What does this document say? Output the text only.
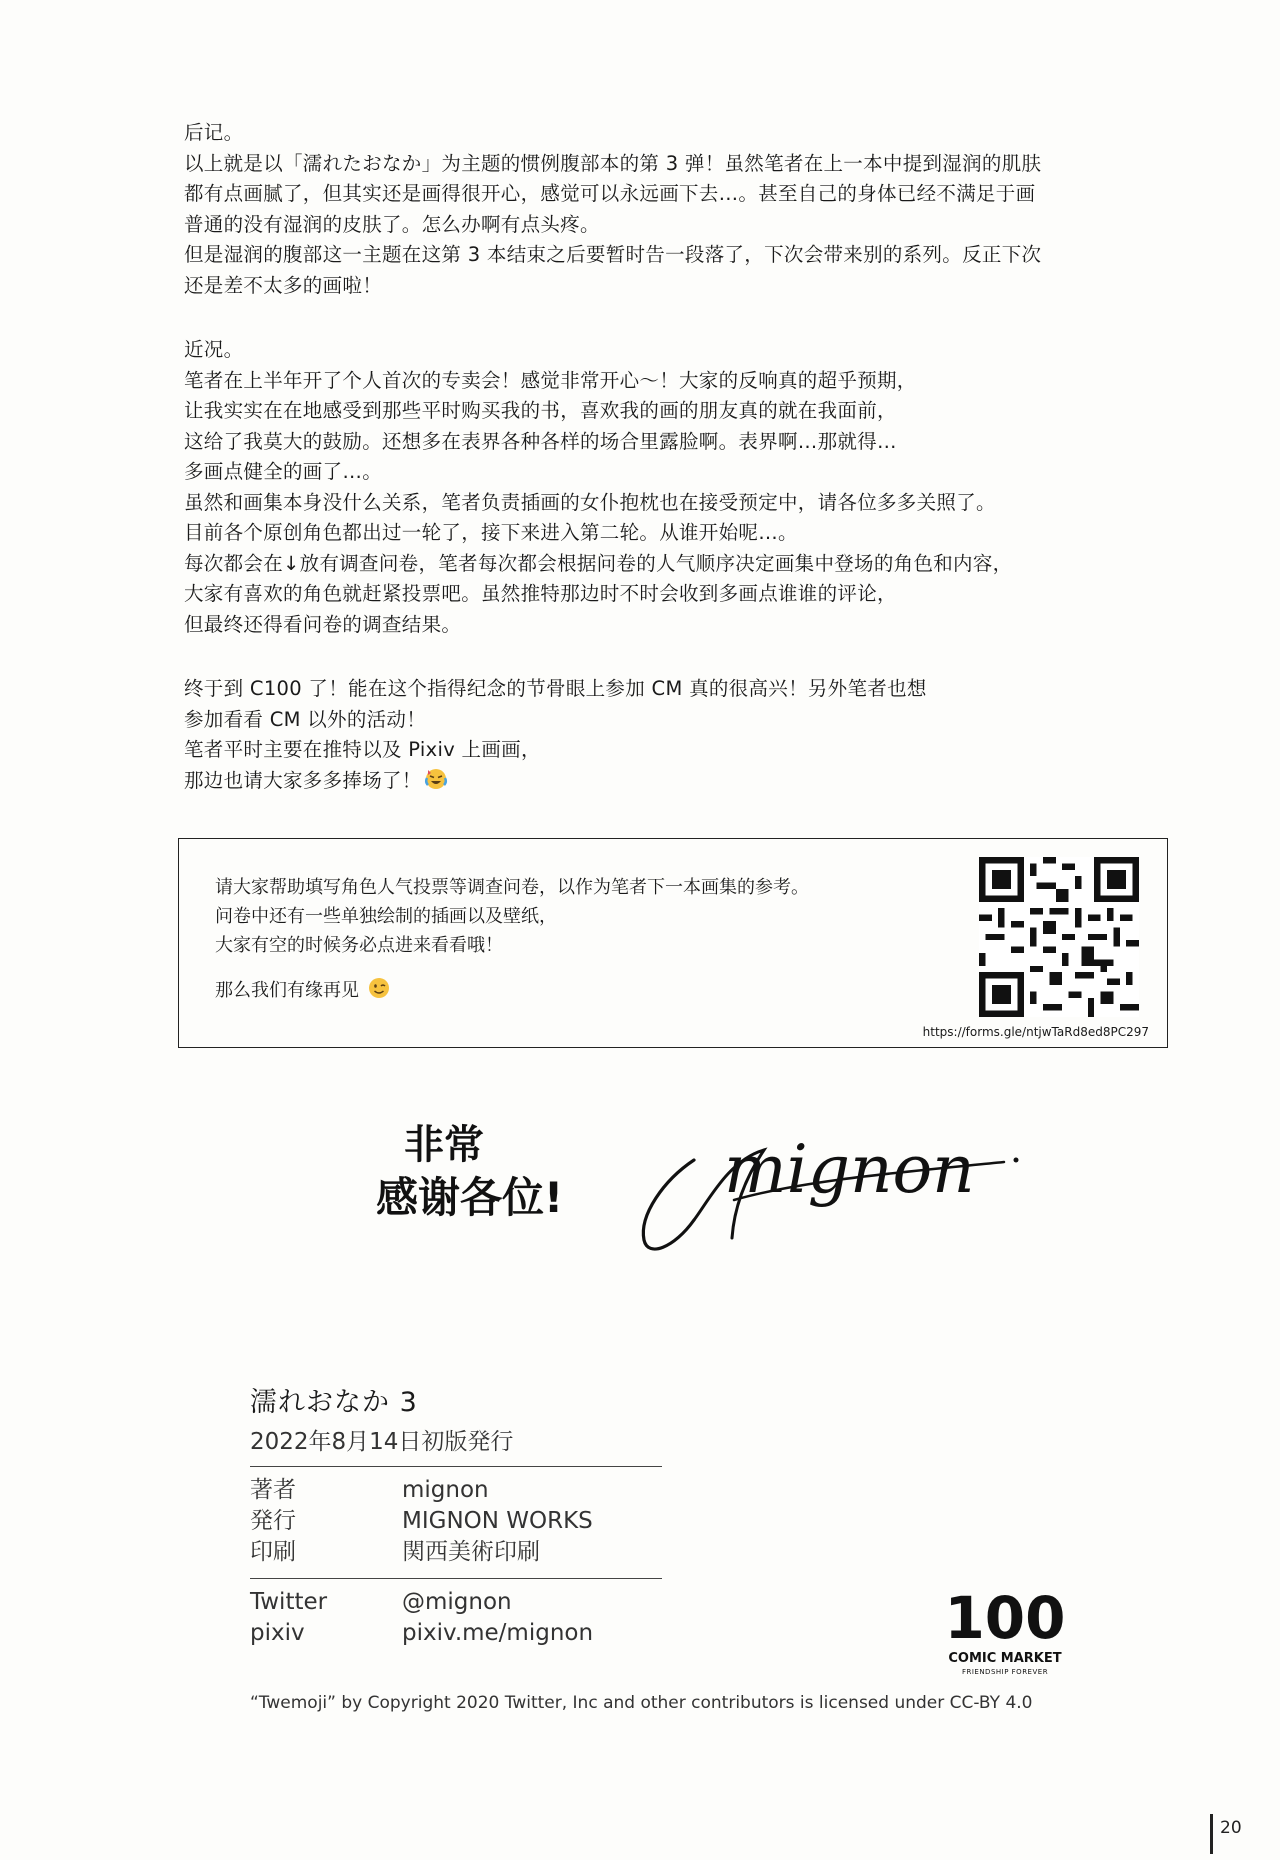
后记。

以上就是以「濡れたおなか」为主题的惯例腹部本的第 3 弹！虽然笔者在上一本中提到湿润的肌肤

都有点画腻了，但其实还是画得很开心，感觉可以永远画下去…。甚至自己的身体已经不满足于画

普通的没有湿润的皮肤了。怎么办啊有点头疼。

但是湿润的腹部这一主题在这第 3 本结束之后要暂时告一段落了，下次会带来别的系列。反正下次

还是差不太多的画啦！

近况。

笔者在上半年开了个人首次的专卖会！感觉非常开心～！大家的反响真的超乎预期，

让我实实在在地感受到那些平时购买我的书，喜欢我的画的朋友真的就在我面前，

这给了我莫大的鼓励。还想多在表界各种各样的场合里露脸啊。表界啊…那就得…

多画点健全的画了…。

虽然和画集本身没什么关系，笔者负责插画的女仆抱枕也在接受预定中，请各位多多关照了。

目前各个原创角色都出过一轮了，接下来进入第二轮。从谁开始呢…。

每次都会在↓放有调查问卷，笔者每次都会根据问卷的人气顺序决定画集中登场的角色和内容，

大家有喜欢的角色就赶紧投票吧。虽然推特那边时不时会收到多画点谁谁的评论，

但最终还得看问卷的调查结果。

终于到 C100 了！能在这个指得纪念的节骨眼上参加 CM 真的很高兴！另外笔者也想

参加看看 CM 以外的活动！

笔者平时主要在推特以及 Pixiv 上画画，

那边也请大家多多捧场了！

请大家帮助填写角色人气投票等调查问卷，以作为笔者下一本画集的参考。

问卷中还有一些单独绘制的插画以及壁纸，

大家有空的时候务必点进来看看哦！

那么我们有缘再见

https://forms.gle/ntjwTaRd8ed8PC297
非常
感谢各位! mignon
濡れおなか 3
2022年8月14日初版発行
著者	mignon
発行	MIGNON WORKS
印刷	関西美術印刷
Twitter	@mignon
pixiv	pixiv.me/mignon
“Twemoji” by Copyright 2020 Twitter, Inc and other contributors is licensed under CC-BY 4.0
100
COMIC MARKET
FRIENDSHIP FOREVER
20
